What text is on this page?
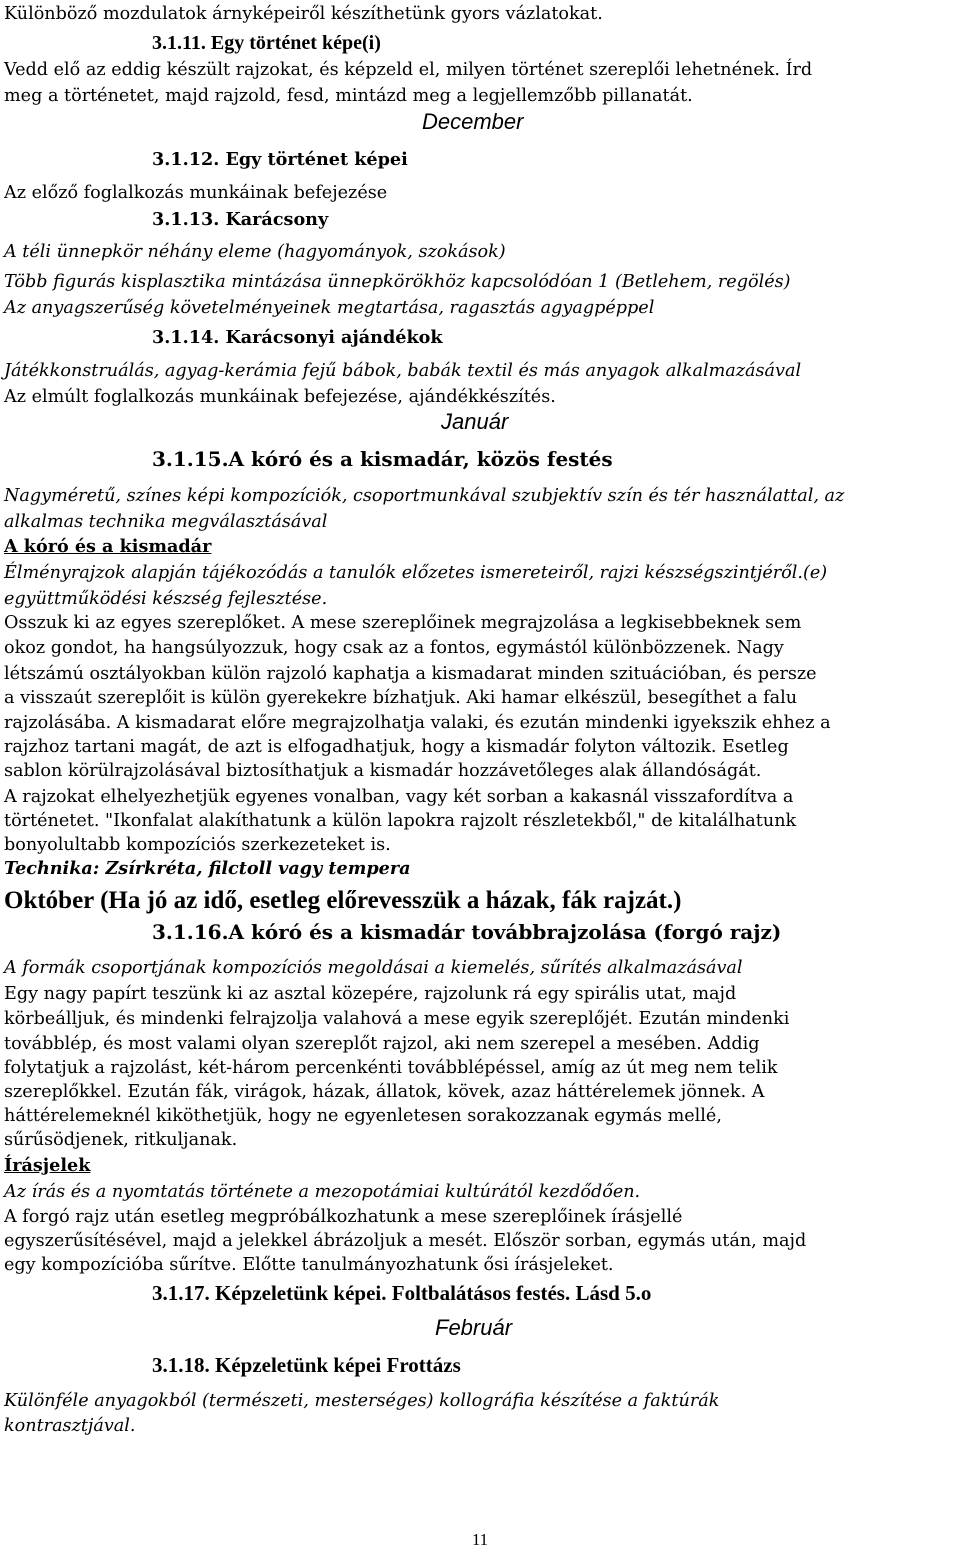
Különböző mozdulatok árnyképeiről készíthetünk gyors vázlatokat.
3.1.11. Egy történet képe(i)
Vedd elő az eddig készült rajzokat, és képzeld el, milyen történet szereplői lehetnének. Írd
meg a történetet, majd rajzold, fesd, mintázd meg a legjellemzőbb pillanatát.
December
3.1.12. Egy történet képei
Az előző foglalkozás munkáinak befejezése
3.1.13. Karácsony
A téli ünnepkör néhány eleme (hagyományok, szokások)
Több figurás kisplasztika mintázása ünnepkörökhöz kapcsolódóan 1 (Betlehem, regölés)
Az anyagszerűség követelményeinek megtartása, ragasztás agyagpéppel
3.1.14. Karácsonyi ajándékok
Játékkonstruálás, agyag-kerámia fejű bábok, babák textil és más anyagok alkalmazásával
Az elmúlt foglalkozás munkáinak befejezése, ajándékkészítés.
Január
3.1.15.A kóró és a kismadár, közös festés
Nagyméretű, színes képi kompozíciók, csoportmunkával szubjektív szín és tér használattal, az
alkalmas technika megválasztásával
A kóró és a kismadár
Élményrajzok alapján tájékozódás a tanulók előzetes ismereteiről, rajzi készségszintjéről.(e)
együttműködési készség fejlesztése.
Osszuk ki az egyes szereplőket. A mese szereplőinek megrajzolása a legkisebbeknek sem
okoz gondot, ha hangsúlyozzuk, hogy csak az a fontos, egymástól különbözzenek. Nagy
létszámú osztályokban külön rajzoló kaphatja a kismadarat minden szituációban, és persze
a visszaút szereplőit is külön gyerekekre bízhatjuk. Aki hamar elkészül, besegíthet a falu
rajzolásába. A kismadarat előre megrajzolhatja valaki, és ezután mindenki igyekszik ehhez a
rajzhoz tartani magát, de azt is elfogadhatjuk, hogy a kismadár folyton változik. Esetleg
sablon körülrajzolásával biztosíthatjuk a kismadár hozzávetőleges alak állandóságát.
A rajzokat elhelyezhetjük egyenes vonalban, vagy két sorban a kakasnál visszafordítva a
történetet. "Ikonfalat alakíthatunk a külön lapokra rajzolt részletekből," de kitalálhatunk
bonyolultabb kompozíciós szerkezeteket is.
Technika: Zsírkréta, filctoll vagy tempera
Október (Ha jó az idő, esetleg előrevesszük a házak, fák rajzát.)
3.1.16.A kóró és a kismadár továbbrajzolása (forgó rajz)
A formák csoportjának kompozíciós megoldásai a kiemelés, sűrítés alkalmazásával
Egy nagy papírt teszünk ki az asztal közepére, rajzolunk rá egy spirális utat, majd
körbeálljuk, és mindenki felrajzolja valahová a mese egyik szereplőjét. Ezután mindenki
továbblép, és most valami olyan szereplőt rajzol, aki nem szerepel a mesében. Addig
folytatjuk a rajzolást, két-három percenkénti továbblépéssel, amíg az út meg nem telik
szereplőkkel. Ezután fák, virágok, házak, állatok, kövek, azaz háttérelemek jönnek. A
háttérelemeknél kiköthetjük, hogy ne egyenletesen sorakozzanak egymás mellé,
sűrűsödjenek, ritkuljanak.
Írásjelek
Az írás és a nyomtatás története a mezopotámiai kultúrától kezdődően.
A forgó rajz után esetleg megpróbálkozhatunk a mese szereplőinek írásjellé
egyszerűsítésével, majd a jelekkel ábrázoljuk a mesét. Először sorban, egymás után, majd
egy kompozícióba sűrítve. Előtte tanulmányozhatunk ősi írásjeleket.
3.1.17. Képzeletünk képei. Foltbalátásos festés. Lásd 5.o
Február
3.1.18. Képzeletünk képei Frottázs
Különféle anyagokból (természeti, mesterséges) kollográfia készítése a faktúrák
kontrasztjával.
11
